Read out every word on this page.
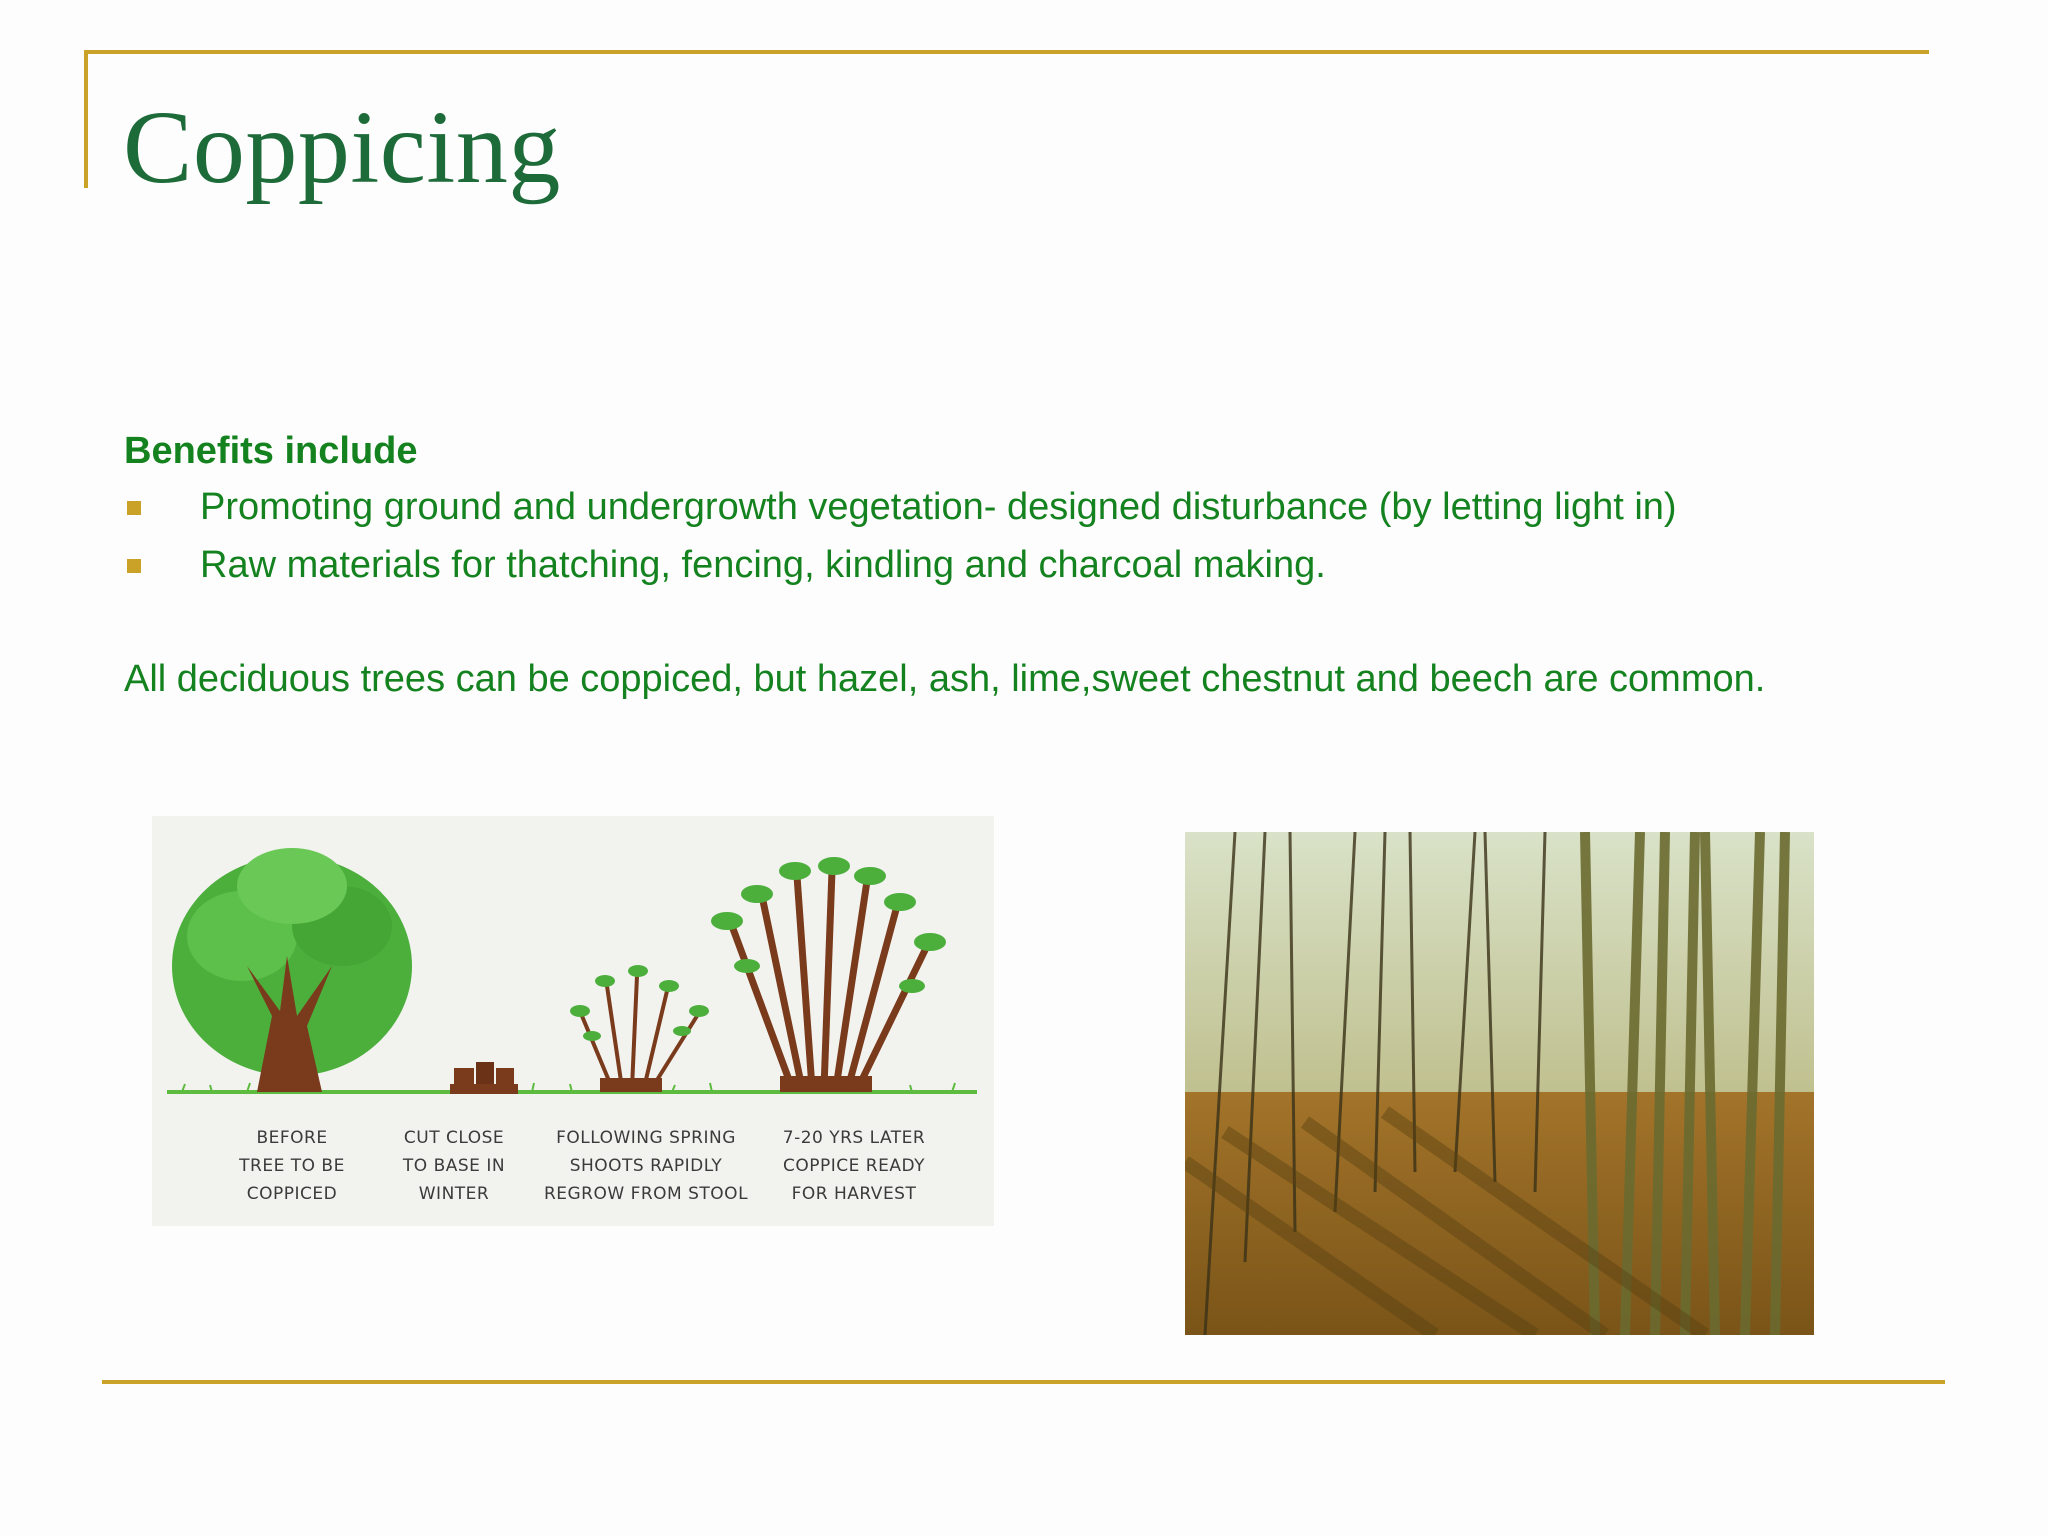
Coppicing
Benefits include
Promoting ground and undergrowth vegetation- designed disturbance (by letting light in)
Raw materials for thatching, fencing, kindling and charcoal making.
All deciduous trees can be coppiced, but hazel, ash, lime,sweet chestnut and beech are common.
BEFORE
TREE TO BE
COPPICED
CUT CLOSE
TO BASE IN
WINTER
FOLLOWING SPRING
SHOOTS RAPIDLY
REGROW FROM STOOL
7-20 YRS LATER
COPPICE READY
FOR HARVEST
